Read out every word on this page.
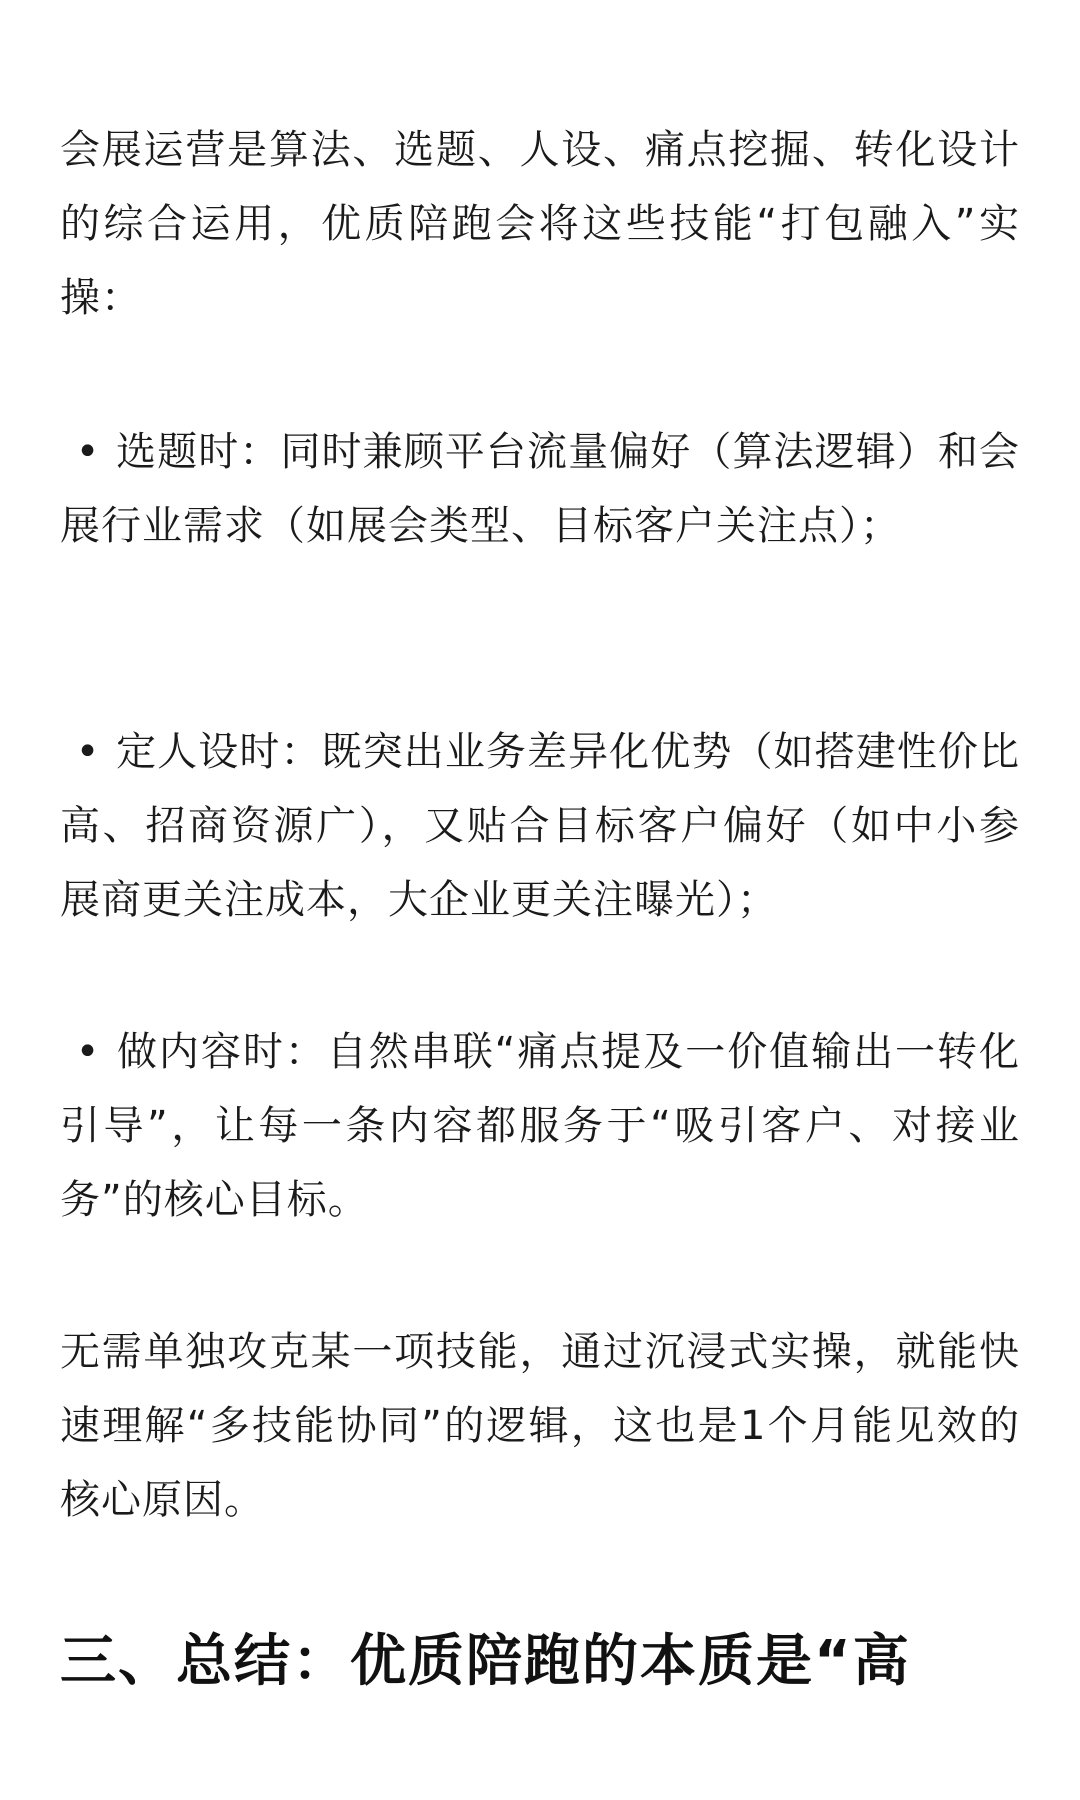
会展运营是算法、选题、人设、痛点挖掘、转化设计的综合运用，优质陪跑会将这些技能“打包融入”实操：

• 选题时：同时兼顾平台流量偏好（算法逻辑）和会展行业需求（如展会类型、目标客户关注点）；

• 定人设时：既突出业务差异化优势（如搭建性价比高、招商资源广），又贴合目标客户偏好（如中小参展商更关注成本，大企业更关注曝光）；

• 做内容时：自然串联“痛点提及一价值输出一转化引导”，让每一条内容都服务于“吸引客户、对接业务”的核心目标。

无需单独攻克某一项技能，通过沉浸式实操，就能快速理解“多技能协同”的逻辑，这也是1个月能见效的核心原因。

三、总结：优质陪跑的本质是“高
